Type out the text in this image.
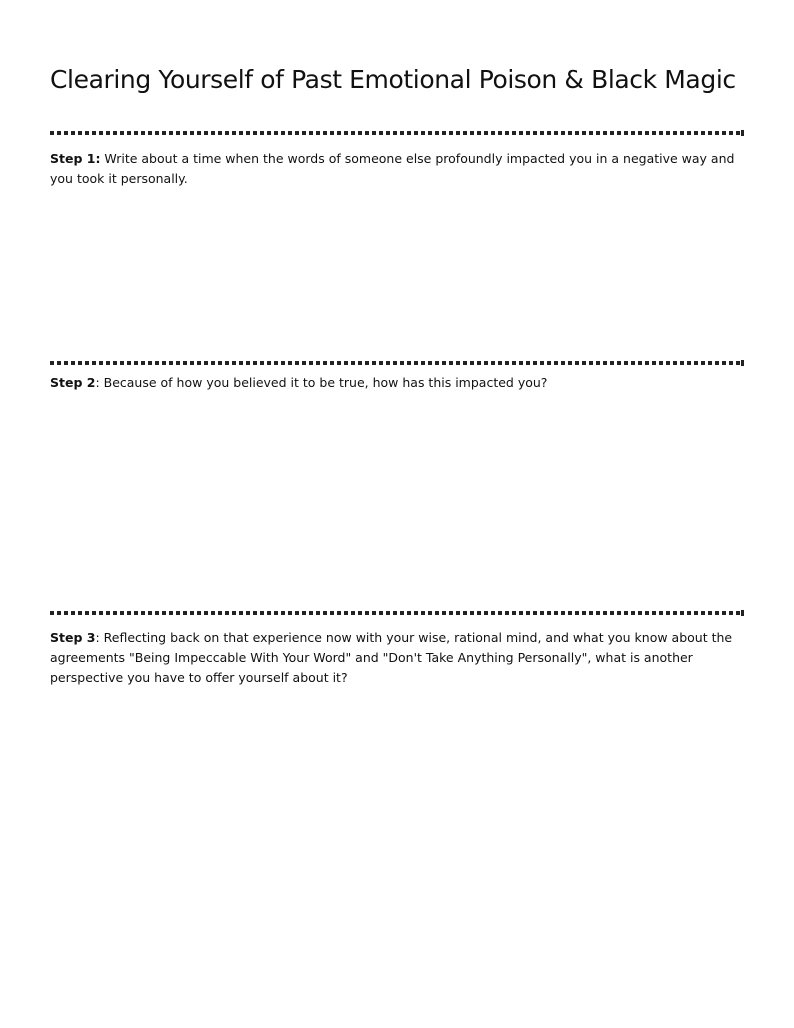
Clearing Yourself of Past Emotional Poison & Black Magic

Step 1: Write about a time when the words of someone else profoundly impacted you in a negative way and you took it personally.

Step 2: Because of how you believed it to be true, how has this impacted you?

Step 3: Reflecting back on that experience now with your wise, rational mind, and what you know about the agreements "Being Impeccable With Your Word" and "Don't Take Anything Personally", what is another perspective you have to offer yourself about it?
